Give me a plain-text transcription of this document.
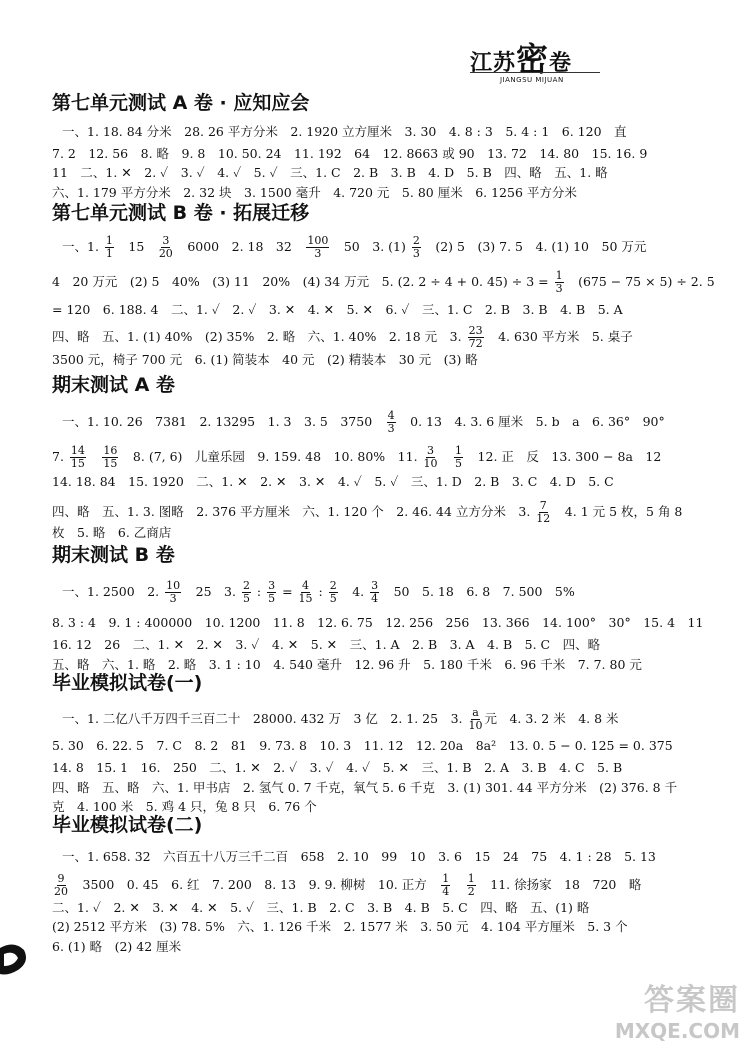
江苏密卷
JIANGSU MIJUAN
第七单元测试 A 卷 · 应知应会
一、1. 18. 84 分米　28. 26 平方分米　2. 1920 立方厘米　3. 30　4. 8 : 3　5. 4 : 1　6. 120　直
7. 2　12. 56　8. 略　9. 8　10. 50. 24　11. 192　64　12. 8663 或 90　13. 72　14. 80　15. 16. 9
11　二、1. ✕　2. ✓　3. ✓　4. ✓　5. ✓　三、1. C　2. B　3. B　4. D　5. B　四、略　五、1. 略
六、1. 179 平方分米　2. 32 块　3. 1500 毫升　4. 720 元　5. 80 厘米　6. 1256 平方分米
第七单元测试 B 卷 · 拓展迁移
一、1. $\frac{1}{1}$ 　15　 $\frac{3}{20}$ 　6000　2. 18　32　 $\frac{100}{3}$ 　50　3. $(1) \frac{2}{3}$ 　(2) 5　(3) 7. 5　4. (1) 10　50 万元
4　20 万元　(2) 5　40%　(3) 11　20%　(4) 34 万元　5. (2. 2 ÷ 4 + 0. $45) \div 3 = \frac{1}{3}$ 　(675 − 75 × 5) ÷ 2. 5
= 120　6. 188. 4　二、1. ✓　2. ✓　3. ✕　4. ✕　5. ✕　6. ✓　三、1. C　2. B　3. B　4. B　5. A
四、略　五、1. (1) 40%　(2) 35%　2. 略　六、1. 40%　2. 18 元　3. $\frac{23}{72}$ 　4. 630 平方米　5. 桌子
3500 元，椅子 700 元　6. (1) 简装本　40 元　(2) 精装本　30 元　(3) 略
期末测试 A 卷
一、1. 10. 26　7381　2. 13295　1. 3　3. 5　3750　 $\frac{4}{3}$ 　0. 13　4. 3. 6 厘米　5. b　a　6. 36°　90°
7. $\frac{14}{15}$
　 $\frac{16}{15}$ 　8. (7, 6)　儿童乐园　9. 159. 48　10. 80%　11. $\frac{3}{10}$
　 $\frac{1}{5}$ 　12. 正　反　13. 300 − 8a　12
14. 18. 84　15. 1920　二、1. ✕　2. ✕　3. ✕　4. ✓　5. ✓　三、1. D　2. B　3. C　4. D　5. C
四、略　五、1. 3. 图略　2. 376 平方厘米　六、1. 120 个　2. 46. 44 立方分米　3. $\frac{7}{12}$ 　4. 1 元 5 枚，5 角 8
枚　5. 略　6. 乙商店
期末测试 B 卷
一、1. 2500　2. $\frac{10}{3}$ 　25　3. $\frac{2}{5}$ : $\frac{3}{5} = \frac{4}{15}$ : $\frac{2}{5}$ 　4. $\frac{3}{4}$ 　50　5. 18　6. 8　7. 500　5%
8. 3 : 4　9. 1 : 400000　10. 1200　11. 8　12. 6. 75　12. 256　256　13. 366　14. 100°　30°　15. 4　11
16. 12　26　二、1. ✕　2. ✕　3. ✓　4. ✕　5. ✕　三、1. A　2. B　3. A　4. B　5. C　四、略
五、略　六、1. 略　2. 略　3. 1 : 10　4. 540 毫升　12. 96 升　5. 180 千米　6. 96 千米　7. 7. 80 元
毕业模拟试卷(一)
一、1. 二亿八千万四千三百二十　28000. 432 万　3 亿　2. 1. 25　3. $\frac{a}{10}$ 元　4. 3. 2 米　4. 8 米
5. 30　6. 22. 5　7. C　8. 2　81　9. 73. 8　10. 3　11. 12　12. 20a　8a²　13. 0. 5 − 0. 125 = 0. 375
14. 8　15. 1　16.　250　二、1. ✕　2. ✓　3. ✓　4. ✓　5. ✕　三、1. B　2. A　3. B　4. C　5. B
四、略　五、略　六、1. 甲书店　2. 氢气 0. 7 千克，氧气 5. 6 千克　3. (1) 301. 44 平方分米　(2) 376. 8 千
克　4. 100 米　5. 鸡 4 只，兔 8 只　6. 76 个
毕业模拟试卷(二)
一、1. 658. 32　六百五十八万三千二百　658　2. 10　99　10　3. 6　15　24　75　4. 1 : 28　5. 13
$\frac{9}{20}$ 　3500　0. 45　6. 红　7. 200　8. 13　9. 9. 柳树　10. 正方　 $\frac{1}{4}$
　 $\frac{1}{2}$ 　11. 徐扬家　18　720　略
二、1. ✓　2. ✕　3. ✕　4. ✕　5. ✓　三、1. B　2. C　3. B　4. B　5. C　四、略　五、(1) 略
(2) 2512 平方米　(3) 78. 5%　六、1. 126 千米　2. 1577 米　3. 50 元　4. 104 平方厘米　5. 3 个
6. (1) 略　(2) 42 厘米
答案圈
MXQE.COM
